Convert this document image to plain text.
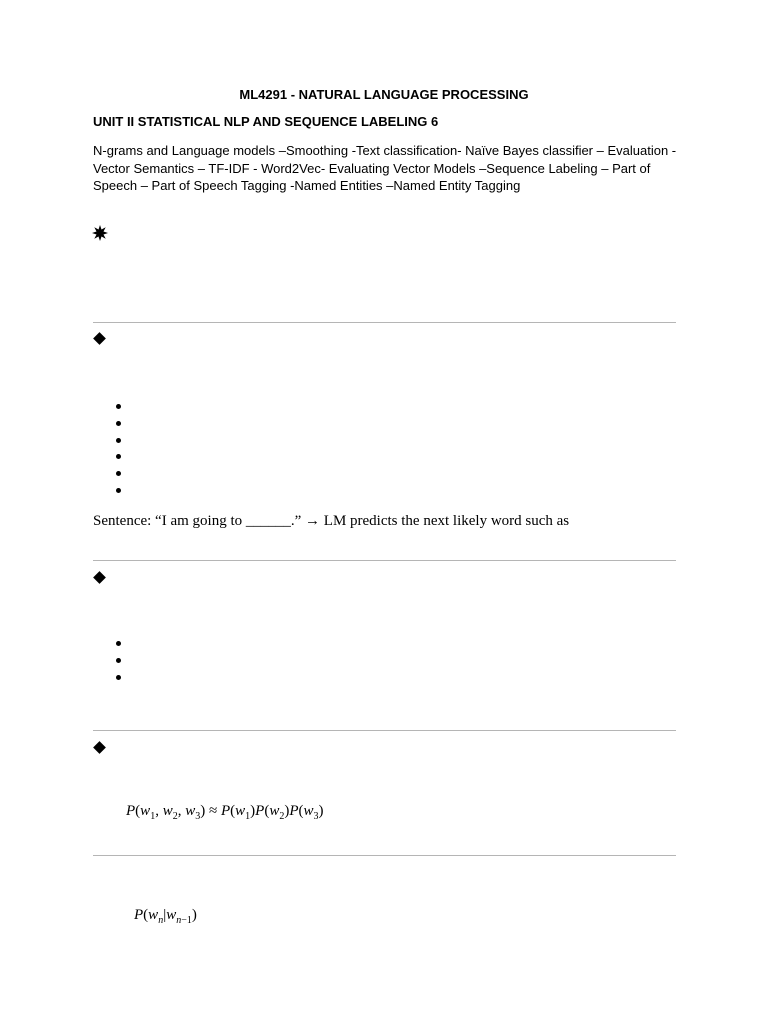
ML4291 - NATURAL LANGUAGE PROCESSING
UNIT II STATISTICAL NLP AND SEQUENCE LABELING 6
N-grams and Language models –Smoothing -Text classification- Naïve Bayes classifier – Evaluation - Vector Semantics – TF-IDF - Word2Vec- Evaluating Vector Models –Sequence Labeling – Part of Speech – Part of Speech Tagging -Named Entities –Named Entity Tagging
Sentence: “I am going to ______.” → LM predicts the next likely word such as
$P(w_1$, $w_2$, $w_3) \approx P(w_1)P(w_2)P(w_3)$
$P(w_n|w_{n-1})$
